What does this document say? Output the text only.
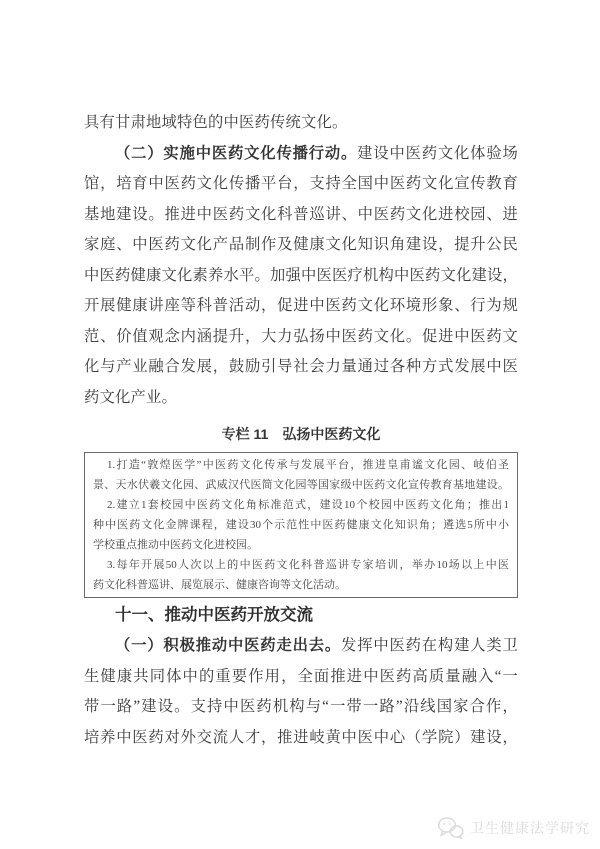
具有甘肃地域特色的中医药传统文化。
（二）实施中医药文化传播行动。建设中医药文化体验场
馆，培育中医药文化传播平台，支持全国中医药文化宣传教育
基地建设。推进中医药文化科普巡讲、中医药文化进校园、进
家庭、中医药文化产品制作及健康文化知识角建设，提升公民
中医药健康文化素养水平。加强中医医疗机构中医药文化建设，
开展健康讲座等科普活动，促进中医药文化环境形象、行为规
范、价值观念内涵提升，大力弘扬中医药文化。促进中医药文
化与产业融合发展，鼓励引导社会力量通过各种方式发展中医
药文化产业。
专栏 11　弘扬中医药文化
1.打造“敦煌医学”中医药文化传承与发展平台，推进皇甫谧文化园、岐伯圣
景、天水伏羲文化园、武威汉代医简文化园等国家级中医药文化宣传教育基地建设。
2.建立1套校园中医药文化角标准范式，建设10个校园中医药文化角；推出1
种中医药文化金牌课程，建设30个示范性中医药健康文化知识角；遴选5所中小
学校重点推动中医药文化进校园。
3.每年开展50人次以上的中医药文化科普巡讲专家培训，举办10场以上中医
药文化科普巡讲、展览展示、健康咨询等文化活动。
十一、推动中医药开放交流
（一）积极推动中医药走出去。发挥中医药在构建人类卫
生健康共同体中的重要作用，全面推进中医药高质量融入“一
带一路”建设。支持中医药机构与“一带一路”沿线国家合作，
培养中医药对外交流人才，推进岐黄中医中心（学院）建设，
卫生健康法学研究
